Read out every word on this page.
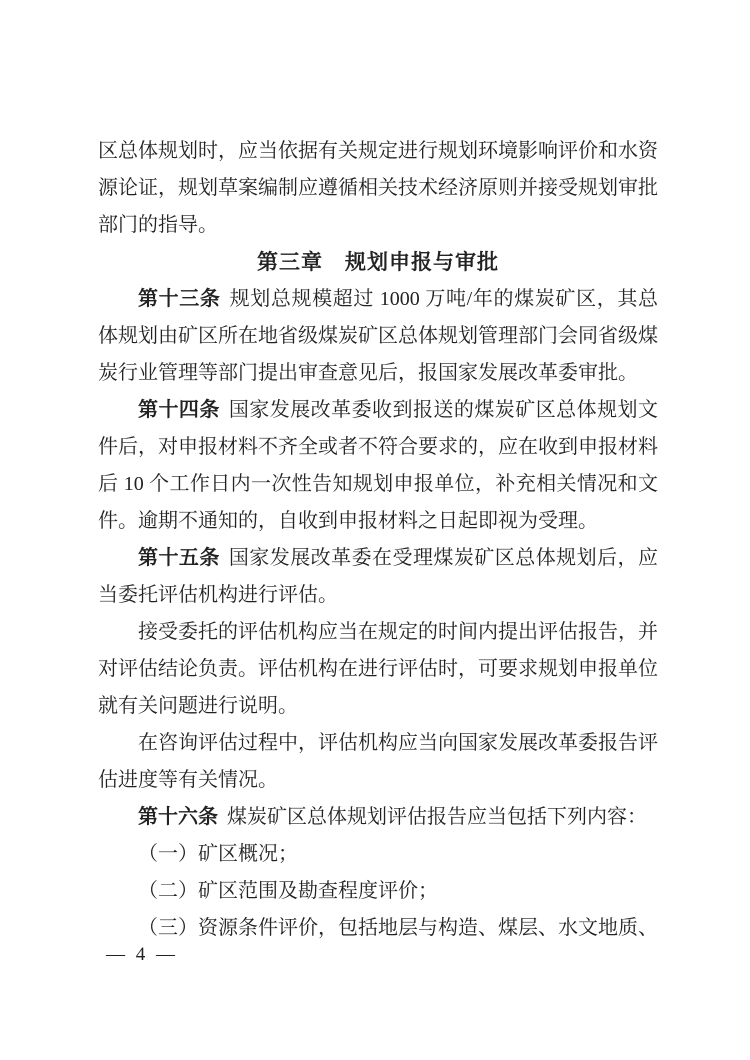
区总体规划时，应当依据有关规定进行规划环境影响评价和水资源论证，规划草案编制应遵循相关技术经济原则并接受规划审批部门的指导。

第三章　规划申报与审批

第十三条 规划总规模超过 1000 万吨/年的煤炭矿区，其总体规划由矿区所在地省级煤炭矿区总体规划管理部门会同省级煤炭行业管理等部门提出审查意见后，报国家发展改革委审批。

第十四条 国家发展改革委收到报送的煤炭矿区总体规划文件后，对申报材料不齐全或者不符合要求的，应在收到申报材料后 10 个工作日内一次性告知规划申报单位，补充相关情况和文件。逾期不通知的，自收到申报材料之日起即视为受理。

第十五条 国家发展改革委在受理煤炭矿区总体规划后，应当委托评估机构进行评估。

接受委托的评估机构应当在规定的时间内提出评估报告，并对评估结论负责。评估机构在进行评估时，可要求规划申报单位就有关问题进行说明。

在咨询评估过程中，评估机构应当向国家发展改革委报告评估进度等有关情况。

第十六条 煤炭矿区总体规划评估报告应当包括下列内容：

（一）矿区概况；

（二）矿区范围及勘查程度评价；

（三）资源条件评价，包括地层与构造、煤层、水文地质、

— 4 —
